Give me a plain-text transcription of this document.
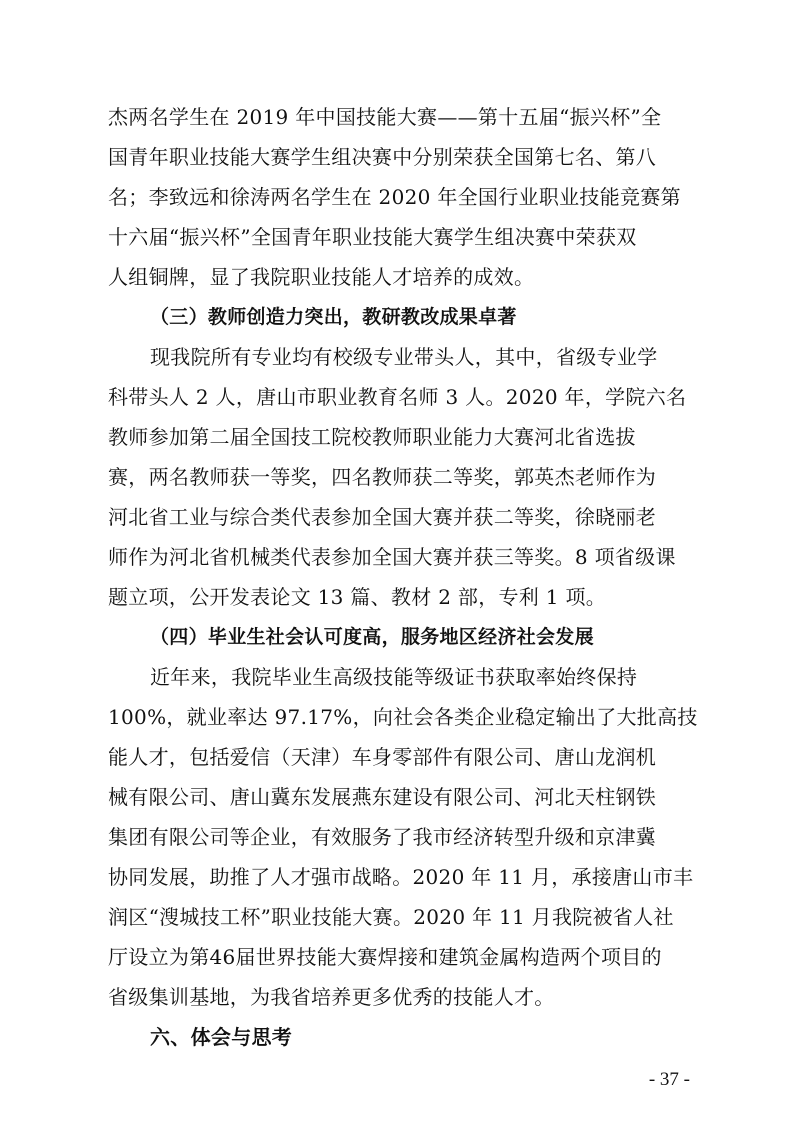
杰两名学生在 2019 年中国技能大赛——第十五届“振兴杯”全
国青年职业技能大赛学生组决赛中分别荣获全国第七名、第八
名；李致远和徐涛两名学生在 2020 年全国行业职业技能竞赛第
十六届“振兴杯”全国青年职业技能大赛学生组决赛中荣获双
人组铜牌，显了我院职业技能人才培养的成效。
（三）教师创造力突出，教研教改成果卓著
现我院所有专业均有校级专业带头人，其中，省级专业学
科带头人 2 人，唐山市职业教育名师 3 人。2020 年，学院六名
教师参加第二届全国技工院校教师职业能力大赛河北省选拔
赛，两名教师获一等奖，四名教师获二等奖，郭英杰老师作为
河北省工业与综合类代表参加全国大赛并获二等奖，徐晓丽老
师作为河北省机械类代表参加全国大赛并获三等奖。8 项省级课
题立项，公开发表论文 13 篇、教材 2 部，专利 1 项。
（四）毕业生社会认可度高，服务地区经济社会发展
近年来，我院毕业生高级技能等级证书获取率始终保持
100%，就业率达 97.17%，向社会各类企业稳定输出了大批高技
能人才，包括爱信（天津）车身零部件有限公司、唐山龙润机
械有限公司、唐山冀东发展燕东建设有限公司、河北天柱钢铁
集团有限公司等企业，有效服务了我市经济转型升级和京津冀
协同发展，助推了人才强市战略。2020 年 11 月，承接唐山市丰
润区“溲城技工杯”职业技能大赛。2020 年 11 月我院被省人社
厅设立为第46届世界技能大赛焊接和建筑金属构造两个项目的
省级集训基地，为我省培养更多优秀的技能人才。
六、体会与思考
- 37 -
